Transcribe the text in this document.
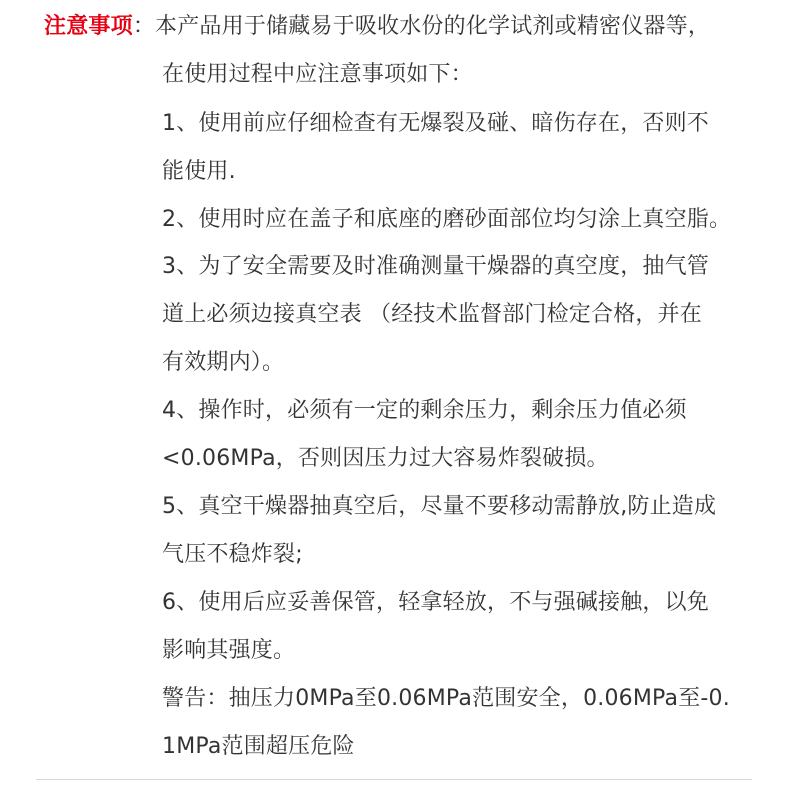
注意事项：本产品用于储藏易于吸收水份的化学试剂或精密仪器等，
在使用过程中应注意事项如下：
1、使用前应仔细检查有无爆裂及碰、暗伤存在，否则不
能使用.
2、使用时应在盖子和底座的磨砂面部位均匀涂上真空脂。
3、为了安全需要及时准确测量干燥器的真空度，抽气管
道上必须边接真空表 （经技术监督部门检定合格，并在
有效期内）。
4、操作时，必须有一定的剩余压力，剩余压力值必须
<0.06MPa，否则因压力过大容易炸裂破损。
5、真空干燥器抽真空后，尽量不要移动需静放,防止造成
气压不稳炸裂;
6、使用后应妥善保管，轻拿轻放，不与强碱接触，以免
影响其强度。
警告：抽压力0MPa至0.06MPa范围安全，0.06MPa至-0.
1MPa范围超压危险
